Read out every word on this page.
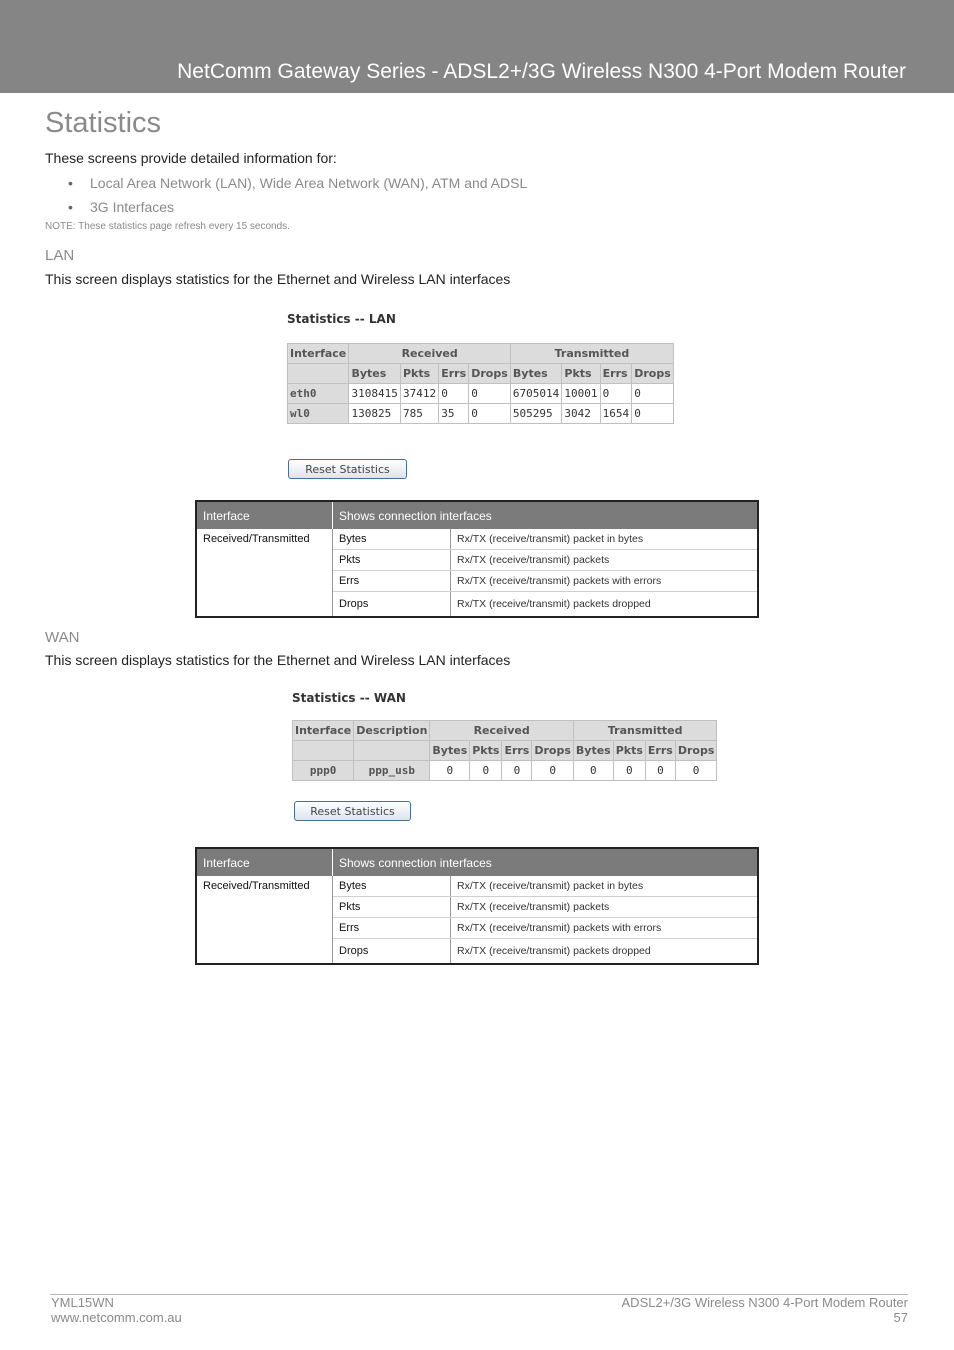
NetComm Gateway Series - ADSL2+/3G Wireless N300 4-Port Modem Router
Statistics
These screens provide detailed information for:
• Local Area Network (LAN), Wide Area Network (WAN), ATM and ADSL
• 3G Interfaces
NOTE: These statistics page refresh every 15 seconds.
LAN
This screen displays statistics for the Ethernet and Wireless LAN interfaces
Statistics -- LAN
Interface	Received				Transmitted			
	Bytes	Pkts	Errs	Drops	Bytes	Pkts	Errs	Drops
eth0	3108415	37412	0	0	6705014	10001	0	0
wl0	130825	785	35	0	505295	3042	1654	0
Reset Statistics
Interface	Shows connection interfaces	
Received/Transmitted	Bytes	Rx/TX (receive/transmit) packet in bytes
	Pkts	Rx/TX (receive/transmit) packets
	Errs	Rx/TX (receive/transmit) packets with errors
	Drops	Rx/TX (receive/transmit) packets dropped
WAN
This screen displays statistics for the Ethernet and Wireless LAN interfaces
Statistics -- WAN
Interface	Description	Received				Transmitted			
		Bytes	Pkts	Errs	Drops	Bytes	Pkts	Errs	Drops
ppp0	ppp_usb	0	0	0	0	0	0	0	0
Reset Statistics
Interface	Shows connection interfaces	
Received/Transmitted	Bytes	Rx/TX (receive/transmit) packet in bytes
	Pkts	Rx/TX (receive/transmit) packets
	Errs	Rx/TX (receive/transmit) packets with errors
	Drops	Rx/TX (receive/transmit) packets dropped
YML15WN
www.netcomm.com.au
ADSL2+/3G Wireless N300 4-Port Modem Router
57
